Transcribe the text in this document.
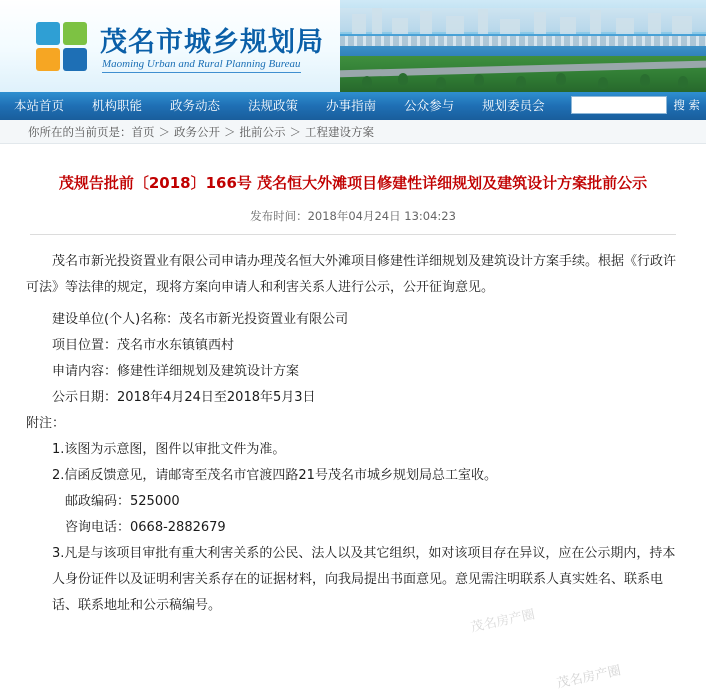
茂名市城乡规划局
Maoming Urban and Rural Planning Bureau
本站首页	机构职能	政务动态	法规政策	办事指南	公众参与	规划委员会	搜 索
你所在的当前页是： 首页 ＞ 政务公开 ＞ 批前公示 ＞ 工程建设方案
茂规告批前〔2018〕166号 茂名恒大外滩项目修建性详细规划及建筑设计方案批前公示
发布时间：2018年04月24日 13:04:23

茂名市新光投资置业有限公司申请办理茂名恒大外滩项目修建性详细规划及建筑设计方案手续。根据《行政许可法》等法律的规定，现将方案向申请人和利害关系人进行公示，公开征询意见。

建设单位(个人)名称：茂名市新光投资置业有限公司

项目位置：茂名市水东镇镇西村

申请内容：修建性详细规划及建筑设计方案

公示日期：2018年4月24日至2018年5月3日

附注：

1.该图为示意图，图件以审批文件为准。

2.信函反馈意见，请邮寄至茂名市官渡四路21号茂名市城乡规划局总工室收。

邮政编码：525000

咨询电话：0668-2882679

3.凡是与该项目审批有重大利害关系的公民、法人以及其它组织，如对该项目存在异议，应在公示期内，持本人身份证件以及证明利害关系存在的证据材料，向我局提出书面意见。意见需注明联系人真实姓名、联系电话、联系地址和公示稿编号。

茂名房产圈
茂名房产圈
